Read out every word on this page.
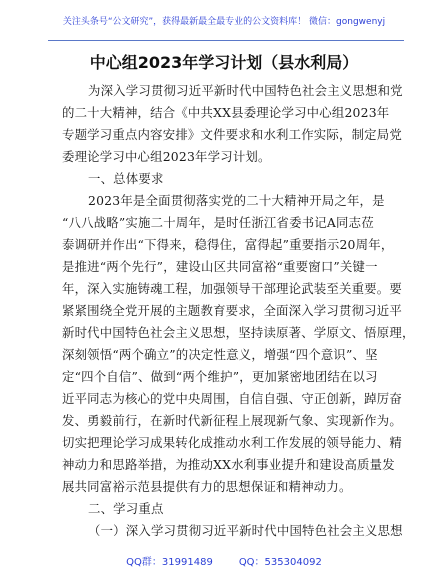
关注头条号“公文研究”，获得最新最全最专业的公文资料库！ 微信：gongwenyj
中心组2023年学习计划（县水利局）
为深入学习贯彻习近平新时代中国特色社会主义思想和党
的二十大精神，结合《中共XX县委理论学习中心组2023年
专题学习重点内容安排》文件要求和水利工作实际，制定局党
委理论学习中心组2023年学习计划。
一、总体要求
2023年是全面贯彻落实党的二十大精神开局之年，是
“八八战略”实施二十周年，是时任浙江省委书记A同志莅
泰调研并作出“下得来，稳得住，富得起”重要指示20周年，
是推进“两个先行”，建设山区共同富裕“重要窗口”关键一
年，深入实施铸魂工程，加强领导干部理论武装至关重要。要
紧紧围绕全党开展的主题教育要求，全面深入学习贯彻习近平
新时代中国特色社会主义思想，坚持读原著、学原文、悟原理，
深刻领悟“两个确立”的决定性意义，增强“四个意识”、坚
定“四个自信”、做到“两个维护”，更加紧密地团结在以习
近平同志为核心的党中央周围，自信自强、守正创新，踔厉奋
发、勇毅前行，在新时代新征程上展现新气象、实现新作为。
切实把理论学习成果转化成推动水利工作发展的领导能力、精
神动力和思路举措，为推动XX水利事业提升和建设高质量发
展共同富裕示范县提供有力的思想保证和精神动力。
二、学习重点
（一）深入学习贯彻习近平新时代中国特色社会主义思想
QQ群：31991489	QQ：535304092
